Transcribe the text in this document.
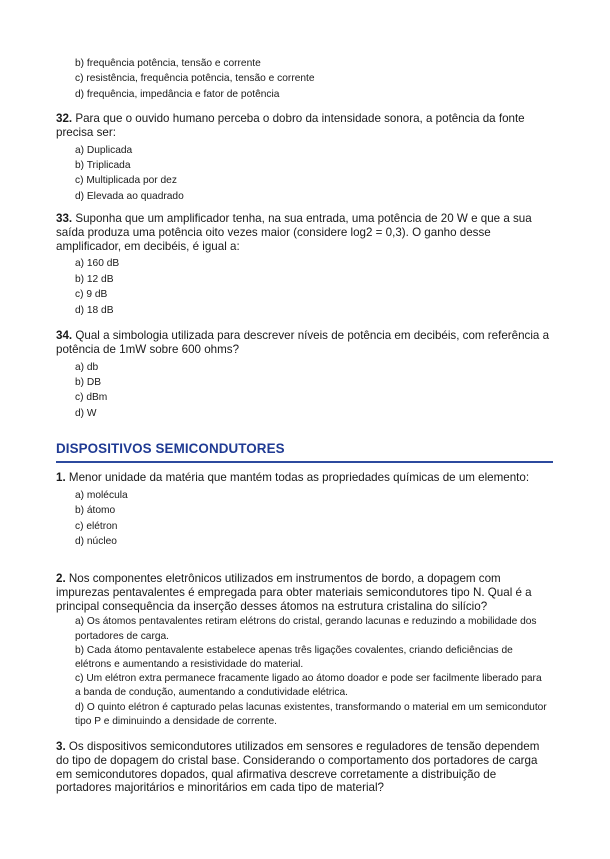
b) frequência potência, tensão e corrente

c) resistência, frequência potência, tensão e corrente

d) frequência, impedância e fator de potência

32. Para que o ouvido humano perceba o dobro da intensidade sonora, a potência da fonte precisa ser:

a) Duplicada

b) Triplicada

c) Multiplicada por dez

d) Elevada ao quadrado

33. Suponha que um amplificador tenha, na sua entrada, uma potência de 20 W e que a sua saída produza uma potência oito vezes maior (considere log2 = 0,3). O ganho desse amplificador, em decibéis, é igual a:

a) 160 dB

b) 12 dB

c) 9 dB

d) 18 dB

34. Qual a simbologia utilizada para descrever níveis de potência em decibéis, com referência a potência de 1mW sobre 600 ohms?

a) db

b) DB

c) dBm

d) W

DISPOSITIVOS SEMICONDUTORES

1. Menor unidade da matéria que mantém todas as propriedades químicas de um elemento:

a) molécula

b) átomo

c) elétron

d) núcleo

2. Nos componentes eletrônicos utilizados em instrumentos de bordo, a dopagem com impurezas pentavalentes é empregada para obter materiais semicondutores tipo N. Qual é a principal consequência da inserção desses átomos na estrutura cristalina do silício?

a) Os átomos pentavalentes retiram elétrons do cristal, gerando lacunas e reduzindo a mobilidade dos portadores de carga.

b) Cada átomo pentavalente estabelece apenas três ligações covalentes, criando deficiências de elétrons e aumentando a resistividade do material.

c) Um elétron extra permanece fracamente ligado ao átomo doador e pode ser facilmente liberado para a banda de condução, aumentando a condutividade elétrica.

d) O quinto elétron é capturado pelas lacunas existentes, transformando o material em um semicondutor tipo P e diminuindo a densidade de corrente.

3. Os dispositivos semicondutores utilizados em sensores e reguladores de tensão dependem do tipo de dopagem do cristal base. Considerando o comportamento dos portadores de carga em semicondutores dopados, qual afirmativa descreve corretamente a distribuição de portadores majoritários e minoritários em cada tipo de material?
